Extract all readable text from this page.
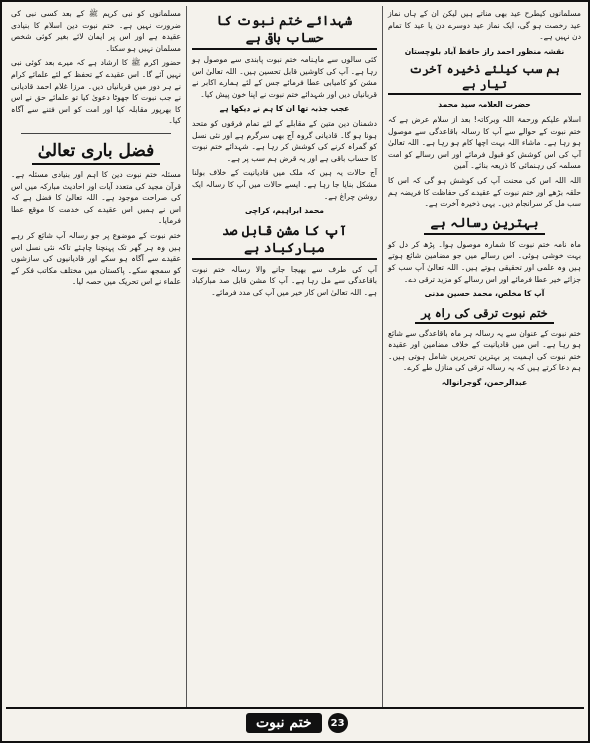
مسلمانوں کیطرح عید بھی مناتے ہیں لیکن ان کے ہاں نماز عید رخصت ہو گی، ایک نماز عید دوسرے دن یا عید کا تمام دن نہیں ہے۔

نقشہ منظور احمد راز حافظ آباد بلوچستان
ہم سب کیلئے ذخیرہ آخرت تیار ہے
حضرت العلامہ سید محمد

اسلام علیکم ورحمۃ اللہ وبرکاتہ! بعد از سلام عرض ہے کہ ختم نبوت کے حوالے سے آپ کا رسالہ باقاعدگی سے موصول ہو رہا ہے۔ ماشاء اللہ بہت اچھا کام ہو رہا ہے۔ اللہ تعالیٰ آپ کی اس کوشش کو قبول فرمائے اور اس رسالے کو امت مسلمہ کی رہنمائی کا ذریعہ بنائے۔ آمین

اللہ اللہ اس کی محنت آپ کی کوشش ہو گی کہ اس کا حلقہ بڑھے اور ختم نبوت کے عقیدے کی حفاظت کا فریضہ ہم سب مل کر سرانجام دیں۔ یہی ذخیرہ آخرت ہے۔

بہترین رسالہ ہے

ماہ نامہ ختم نبوت کا شمارہ موصول ہوا۔ پڑھ کر دل کو بہت خوشی ہوئی۔ اس رسالے میں جو مضامین شائع ہوتے ہیں وہ علمی اور تحقیقی ہوتے ہیں۔ اللہ تعالیٰ آپ سب کو جزائے خیر عطا فرمائے اور اس رسالے کو مزید ترقی دے۔

آپ کا مخلص، محمد حسین مدنی
ختم نبوت ترقی کی راہ پر

ختم نبوت کے عنوان سے یہ رسالہ ہر ماہ باقاعدگی سے شائع ہو رہا ہے۔ اس میں قادیانیت کے خلاف مضامین اور عقیدہ ختم نبوت کی اہمیت پر بہترین تحریریں شامل ہوتی ہیں۔ ہم دعا کرتے ہیں کہ یہ رسالہ ترقی کی منازل طے کرے۔

عبدالرحمن، گوجرانوالہ
شہدائے ختم نبوت کا حساب باقی ہے

کئی سالوں سے ماہنامہ ختم نبوت پابندی سے موصول ہو رہا ہے۔ آپ کی کاوشیں قابل تحسین ہیں۔ اللہ تعالیٰ اس مشن کو کامیابی عطا فرمائے جس کے لئے ہمارے اکابر نے قربانیاں دیں اور شہدائے ختم نبوت نے اپنا خون پیش کیا۔

عجب جذبہ تھا ان کا ہم نے دیکھا ہے

دشمنان دین متین کے مقابلے کے لئے تمام فرقوں کو متحد ہونا ہو گا۔ قادیانی گروہ آج بھی سرگرم ہے اور نئی نسل کو گمراہ کرنے کی کوشش کر رہا ہے۔ شہدائے ختم نبوت کا حساب باقی ہے اور یہ قرض ہم سب پر ہے۔

آج حالات یہ ہیں کہ ملک میں قادیانیت کے خلاف بولنا مشکل بنایا جا رہا ہے۔ ایسے حالات میں آپ کا رسالہ ایک روشن چراغ ہے۔

محمد ابراہیم، کراچی
آپ کا مشن قابل صد مبارکباد ہے

آپ کی طرف سے بھیجا جانے والا رسالہ ختم نبوت باقاعدگی سے مل رہا ہے۔ آپ کا مشن قابل صد مبارکباد ہے۔ اللہ تعالیٰ اس کار خیر میں آپ کی مدد فرمائے۔

مسلمانوں کو نبی کریم ﷺ کے بعد کسی نبی کی ضرورت نہیں ہے۔ ختم نبوت دین اسلام کا بنیادی عقیدہ ہے اور اس پر ایمان لائے بغیر کوئی شخص مسلمان نہیں ہو سکتا۔

حضور اکرم ﷺ کا ارشاد ہے کہ میرے بعد کوئی نبی نہیں آئے گا۔ اس عقیدے کے تحفظ کے لئے علمائے کرام نے ہر دور میں قربانیاں دیں۔ مرزا غلام احمد قادیانی نے جب نبوت کا جھوٹا دعویٰ کیا تو علمائے حق نے اس کا بھرپور مقابلہ کیا اور امت کو اس فتنے سے آگاہ کیا۔

فضل باری تعالیٰ

مسئلہ ختم نبوت دین کا اہم اور بنیادی مسئلہ ہے۔ قرآن مجید کی متعدد آیات اور احادیث مبارکہ میں اس کی صراحت موجود ہے۔ اللہ تعالیٰ کا فضل ہے کہ اس نے ہمیں اس عقیدے کی خدمت کا موقع عطا فرمایا۔

ختم نبوت کے موضوع پر جو رسالہ آپ شائع کر رہے ہیں وہ ہر گھر تک پہنچنا چاہئے تاکہ نئی نسل اس عقیدے سے آگاہ ہو سکے اور قادیانیوں کی سازشوں کو سمجھ سکے۔ پاکستان میں مختلف مکاتب فکر کے علماء نے اس تحریک میں حصہ لیا۔

23
ختم نبوت
